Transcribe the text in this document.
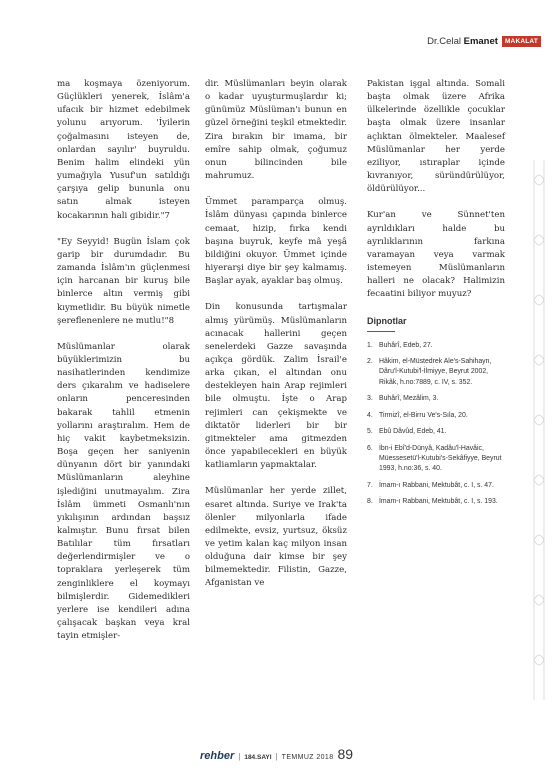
Dr.Celal Emanet	MAKALAT

ma koşmaya özeniyorum. Güçlükleri yenerek, İslâm'a ufacık bir hizmet edebilmek yolunu arıyorum. 'İyilerin çoğalmasını isteyen de, onlardan sayılır' buyruldu. Benim halim elindeki yün yumağıyla Yusuf'un satıldığı çarşıya gelip bununla onu satın almak isteyen kocakarının hali gibidir."7

"Ey Seyyid! Bugün İslam çok garip bir durumdadır. Bu zamanda İslâm'ın güçlenmesi için harcanan bir kuruş bile binlerce altın vermiş gibi kıymetlidir. Bu büyük nimetle şereflenenlere ne mutlu!"8

Müslümanlar olarak büyüklerimizin bu nasihatlerinden kendimize ders çıkaralım ve hadiselere onların penceresinden bakarak tahlil etmenin yollarını araştıralım. Hem de hiç vakit kaybetmeksizin. Boşa geçen her saniyenin dünyanın dört bir yanındaki Müslümanların aleyhine işlediğini unutmayalım. Zira İslâm ümmeti Osmanlı'nın yıkılışının ardından başsız kalmıştır. Bunu fırsat bilen Batılılar tüm fırsatları değerlendirmişler ve o topraklara yerleşerek tüm zenginliklere el koymayı bilmişlerdir. Gidemedikleri yerlere ise kendileri adına çalışacak başkan veya kral tayin etmişler-

dir. Müslümanları beyin olarak o kadar uyuşturmuşlardır ki; günümüz Müslüman'ı bunun en güzel örneğini teşkil etmektedir. Zira bırakın bir imama, bir emîre sahip olmak, çoğumuz onun bilincinden bile mahrumuz.

Ümmet paramparça olmuş. İslâm dünyası çapında binlerce cemaat, hizip, fırka kendi başına buyruk, keyfe mâ yeşâ bildiğini okuyor. Ümmet içinde hiyerarşi diye bir şey kalmamış. Başlar ayak, ayaklar baş olmuş.

Din konusunda tartışmalar almış yürümüş. Müslümanların acınacak hallerini geçen senelerdeki Gazze savaşında açıkça gördük. Zalim İsrail'e arka çıkan, el altından onu destekleyen hain Arap rejimleri bile olmuştu. İşte o Arap rejimleri can çekişmekte ve diktatör liderleri bir bir gitmekteler ama gitmezden önce yapabilecekleri en büyük katliamların yapmaktalar.

Müslümanlar her yerde zillet, esaret altında. Suriye ve Irak'ta ölenler milyonlarla ifade edilmekte, evsiz, yurtsuz, öksüz ve yetim kalan kaç milyon insan olduğuna dair kimse bir şey bilmemektedir. Filistin, Gazze, Afganistan ve

Pakistan işgal altında. Somali başta olmak üzere Afrika ülkelerinde özellikle çocuklar başta olmak üzere insanlar açlıktan ölmekteler. Maalesef Müslümanlar her yerde eziliyor, ıstıraplar içinde kıvranıyor, süründürülüyor, öldürülüyor...

Kur'an ve Sünnet'ten ayrıldıkları halde bu ayrılıklarının farkına varamayan veya varmak istemeyen Müslümanların halleri ne olacak? Halimizin fecaatini biliyor muyuz?

Dipnotlar
1. Buhârî, Edeb, 27.
2. Hâkim, el-Müstedrek Ale's-Sahihayn, Dâru'l-Kutubi'l-İlmiyye, Beyrut 2002, Rikâk, h.no:7889, c. IV, s. 352.
3. Buhârî, Mezâlim, 3.
4. Tirmizî, el-Birru Ve's-Sıla, 20.
5. Ebû Dâvûd, Edeb, 41.
6. İbn-i Ebî'd-Dünyâ, Kadâu'l-Havâic, Müessesetü'l-Kutubi's-Sekâfiyye, Beyrut 1993, h.no:36, s. 40.
7. İmam-ı Rabbani, Mektubât, c. I, s. 47.
8. İmam-ı Rabbani, Mektubât, c. I, s. 193.
rehber | 184.SAYI | TEMMUZ 2018 89
